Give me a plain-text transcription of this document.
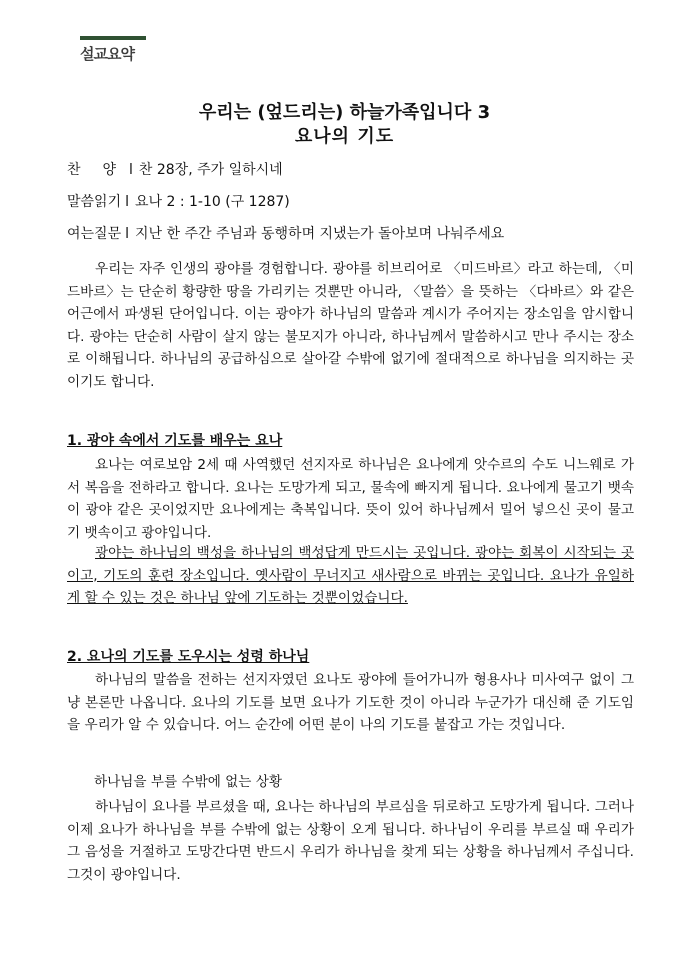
설교요약
우리는 (엎드리는) 하늘가족입니다 3
요나의 기도
찬 양 l 찬 28장, 주가 일하시네
말씀읽기 l 요나 2 : 1-10 (구 1287)
여는질문 l 지난 한 주간 주님과 동행하며 지냈는가 돌아보며 나눠주세요
우리는 자주 인생의 광야를 경험합니다. 광야를 히브리어로 〈미드바르〉라고 하는데, 〈미드바르〉는 단순히 황량한 땅을 가리키는 것뿐만 아니라, 〈말씀〉을 뜻하는 〈다바르〉와 같은 어근에서 파생된 단어입니다. 이는 광야가 하나님의 말씀과 계시가 주어지는 장소임을 암시합니다. 광야는 단순히 사람이 살지 않는 불모지가 아니라, 하나님께서 말씀하시고 만나 주시는 장소로 이해됩니다. 하나님의 공급하심으로 살아갈 수밖에 없기에 절대적으로 하나님을 의지하는 곳이기도 합니다.
1. 광야 속에서 기도를 배우는 요나
요나는 여로보암 2세 때 사역했던 선지자로 하나님은 요나에게 앗수르의 수도 니느웨로 가서 복음을 전하라고 합니다. 요나는 도망가게 되고, 물속에 빠지게 됩니다. 요나에게 물고기 뱃속이 광야 같은 곳이었지만 요나에게는 축복입니다. 뜻이 있어 하나님께서 밀어 넣으신 곳이 물고기 뱃속이고 광야입니다.
광야는 하나님의 백성을 하나님의 백성답게 만드시는 곳입니다. 광야는 회복이 시작되는 곳이고, 기도의 훈련 장소입니다. 옛사람이 무너지고 새사람으로 바뀌는 곳입니다. 요나가 유일하게 할 수 있는 것은 하나님 앞에 기도하는 것뿐이었습니다.
2. 요나의 기도를 도우시는 성령 하나님
하나님의 말씀을 전하는 선지자였던 요나도 광야에 들어가니까 형용사나 미사여구 없이 그냥 본론만 나옵니다. 요나의 기도를 보면 요나가 기도한 것이 아니라 누군가가 대신해 준 기도임을 우리가 알 수 있습니다. 어느 순간에 어떤 분이 나의 기도를 붙잡고 가는 것입니다.
하나님을 부를 수밖에 없는 상황
하나님이 요나를 부르셨을 때, 요나는 하나님의 부르심을 뒤로하고 도망가게 됩니다. 그러나 이제 요나가 하나님을 부를 수밖에 없는 상황이 오게 됩니다. 하나님이 우리를 부르실 때 우리가 그 음성을 거절하고 도망간다면 반드시 우리가 하나님을 찾게 되는 상황을 하나님께서 주십니다. 그것이 광야입니다.
